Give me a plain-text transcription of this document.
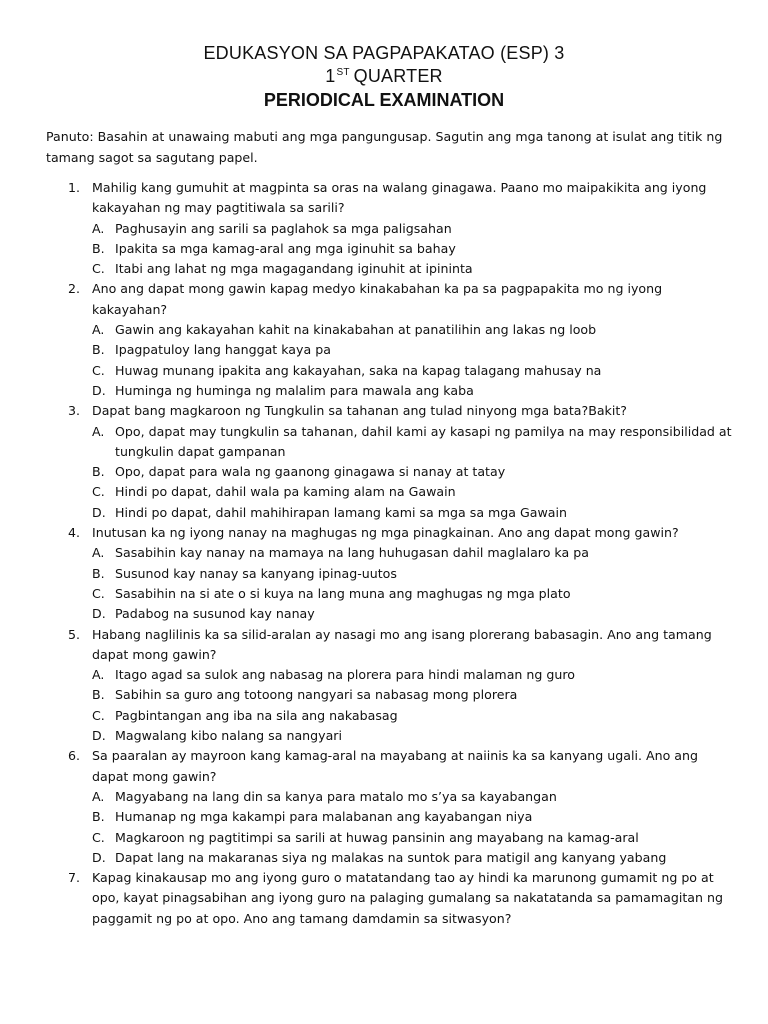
EDUKASYON SA PAGPAPAKATAO (ESP) 3
1ST QUARTER
PERIODICAL EXAMINATION
Panuto: Basahin at unawaing mabuti ang mga pangungusap. Sagutin ang mga tanong at isulat ang titik ng tamang sagot sa sagutang papel.
1. Mahilig kang gumuhit at magpinta sa oras na walang ginagawa. Paano mo maipakikita ang iyong kakayahan ng may pagtitiwala sa sarili?
A. Paghusayin ang sarili sa paglahok sa mga paligsahan
B. Ipakita sa mga kamag-aral ang mga iginuhit sa bahay
C. Itabi ang lahat ng mga magagandang iginuhit at ipininta
2. Ano ang dapat mong gawin kapag medyo kinakabahan ka pa sa pagpapakita mo ng iyong kakayahan?
A. Gawin ang kakayahan kahit na kinakabahan at panatilihin ang lakas ng loob
B. Ipagpatuloy lang hanggat kaya pa
C. Huwag munang ipakita ang kakayahan, saka na kapag talagang mahusay na
D. Huminga ng huminga ng malalim para mawala ang kaba
3. Dapat bang magkaroon ng Tungkulin sa tahanan ang tulad ninyong mga bata?Bakit?
A. Opo, dapat may tungkulin sa tahanan, dahil kami ay kasapi ng pamilya na may responsibilidad at tungkulin dapat gampanan
B. Opo, dapat para wala ng gaanong ginagawa si nanay at tatay
C. Hindi po dapat, dahil wala pa kaming alam na Gawain
D. Hindi po dapat, dahil mahihirapan lamang kami sa mga sa mga Gawain
4. Inutusan ka ng iyong nanay na maghugas ng mga pinagkainan. Ano ang dapat mong gawin?
A. Sasabihin kay nanay na mamaya na lang huhugasan dahil maglalaro ka pa
B. Susunod kay nanay sa kanyang ipinag-uutos
C. Sasabihin na si ate o si kuya na lang muna ang maghugas ng mga plato
D. Padabog na susunod kay nanay
5. Habang naglilinis ka sa silid-aralan ay nasagi mo ang isang plorerang babasagin. Ano ang tamang dapat mong gawin?
A. Itago agad sa sulok ang nabasag na plorera para hindi malaman ng guro
B. Sabihin sa guro ang totoong nangyari sa nabasag mong plorera
C. Pagbintangan ang iba na sila ang nakabasag
D. Magwalang kibo nalang sa nangyari
6. Sa paaralan ay mayroon kang kamag-aral na mayabang at naiinis ka sa kanyang ugali. Ano ang dapat mong gawin?
A. Magyabang na lang din sa kanya para matalo mo s’ya sa kayabangan
B. Humanap ng mga kakampi para malabanan ang kayabangan niya
C. Magkaroon ng pagtitimpi sa sarili at huwag pansinin ang mayabang na kamag-aral
D. Dapat lang na makaranas siya ng malakas na suntok para matigil ang kanyang yabang
7. Kapag kinakausap mo ang iyong guro o matatandang tao ay hindi ka marunong gumamit ng po at opo, kayat pinagsabihan ang iyong guro na palaging gumalang sa nakatatanda sa pamamagitan ng paggamit ng po at opo. Ano ang tamang damdamin sa sitwasyon?
